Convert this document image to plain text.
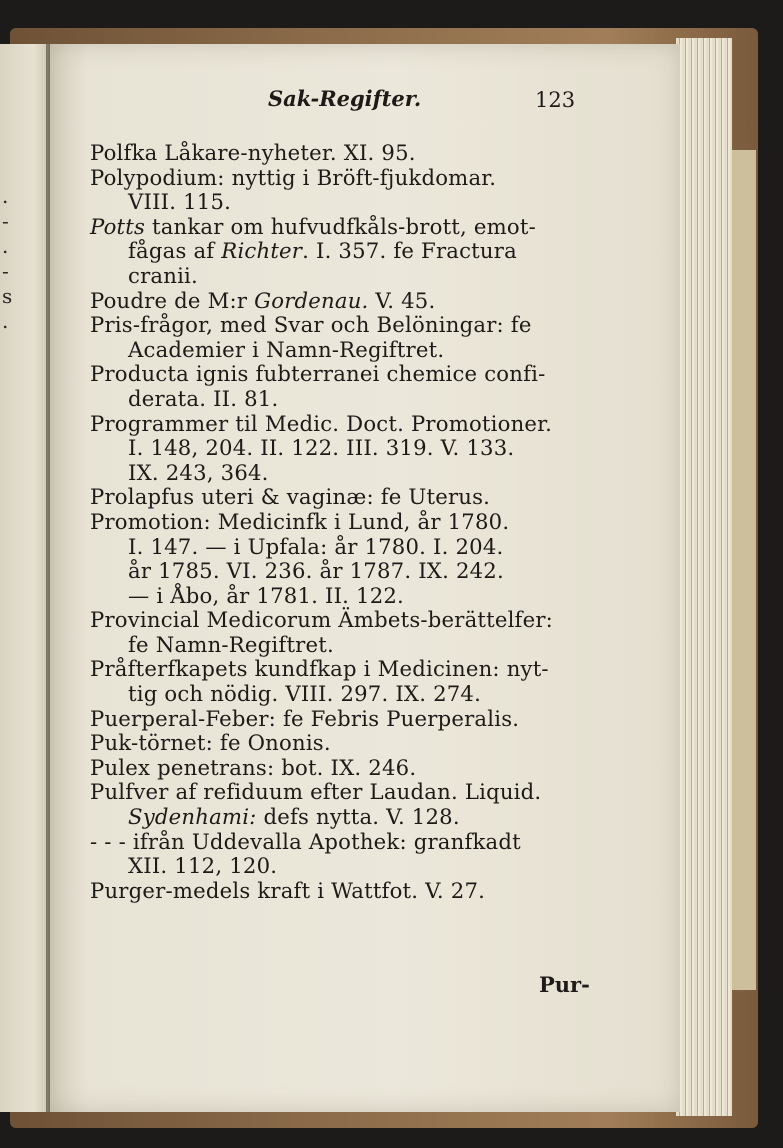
.
-
.
-
s
.
Sak-Regifter.	123
Polfka Låkare-nyheter. XI. 95.
Polypodium: nyttig i Bröft-fjukdomar.
VIII. 115.
Potts tankar om hufvudfkåls-brott, emot-
fågas af Richter. I. 357. fe Fractura
cranii.
Poudre de M:r Gordenau. V. 45.
Pris-frågor, med Svar och Belöningar: fe
Academier i Namn-Regiftret.
Producta ignis fubterranei chemice confi-
derata. II. 81.
Programmer til Medic. Doct. Promotioner.
I. 148, 204. II. 122. III. 319. V. 133.
IX. 243, 364.
Prolapfus uteri & vaginæ: fe Uterus.
Promotion: Medicinfk i Lund, år 1780.
I. 147. — i Upfala: år 1780. I. 204.
år 1785. VI. 236. år 1787. IX. 242.
— i Åbo, år 1781. II. 122.
Provincial Medicorum Ämbets-berättelfer:
fe Namn-Regiftret.
Pråfterfkapets kundfkap i Medicinen: nyt-
tig och nödig. VIII. 297. IX. 274.
Puerperal-Feber: fe Febris Puerperalis.
Puk-törnet: fe Ononis.
Pulex penetrans: bot. IX. 246.
Pulfver af refiduum efter Laudan. Liquid.
Sydenhami: defs nytta. V. 128.
- - - ifrån Uddevalla Apothek: granfkadt
XII. 112, 120.
Purger-medels kraft i Wattfot. V. 27.
Pur-
